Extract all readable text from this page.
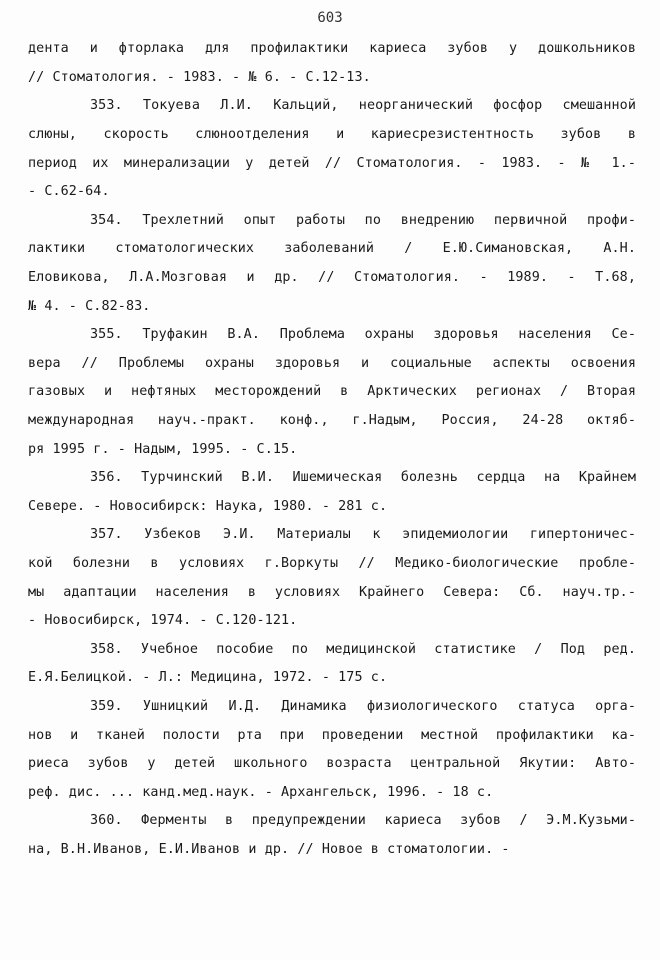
603
дента и фторлака для профилактики кариеса зубов у дошкольников
// Стоматология. - 1983. - № 6. - С.12-13.
353. Токуева Л.И. Кальций, неорганический фосфор смешанной
слюны, скорость слюноотделения и кариесрезистентность зубов в
период их минерализации у детей // Стоматология. - 1983. - № 1.-
- С.62-64.
354. Трехлетний опыт работы по внедрению первичной профи-
лактики стоматологических заболеваний / Е.Ю.Симановская, А.Н.
Еловикова, Л.А.Мозговая и др. // Стоматология. - 1989. - Т.68,
№ 4. - С.82-83.
355. Труфакин В.А. Проблема охраны здоровья населения Се-
вера // Проблемы охраны здоровья и социальные аспекты освоения
газовых и нефтяных месторождений в Арктических регионах / Вторая
международная науч.-практ. конф., г.Надым, Россия, 24-28 октяб-
ря 1995 г. - Надым, 1995. - С.15.
356. Турчинский В.И. Ишемическая болезнь сердца на Крайнем
Севере. - Новосибирск: Наука, 1980. - 281 с.
357. Узбеков Э.И. Материалы к эпидемиологии гипертоничес-
кой болезни в условиях г.Воркуты // Медико-биологические пробле-
мы адаптации населения в условиях Крайнего Севера: Сб. науч.тр.-
- Новосибирск, 1974. - С.120-121.
358. Учебное пособие по медицинской статистике / Под ред.
Е.Я.Белицкой. - Л.: Медицина, 1972. - 175 с.
359. Ушницкий И.Д. Динамика физиологического статуса орга-
нов и тканей полости рта при проведении местной профилактики ка-
риеса зубов у детей школьного возраста центральной Якутии: Авто-
реф. дис. ... канд.мед.наук. - Архангельск, 1996. - 18 с.
360. Ферменты в предупреждении кариеса зубов / Э.М.Кузьми-
на, В.Н.Иванов, Е.И.Иванов и др. // Новое в стоматологии. -
